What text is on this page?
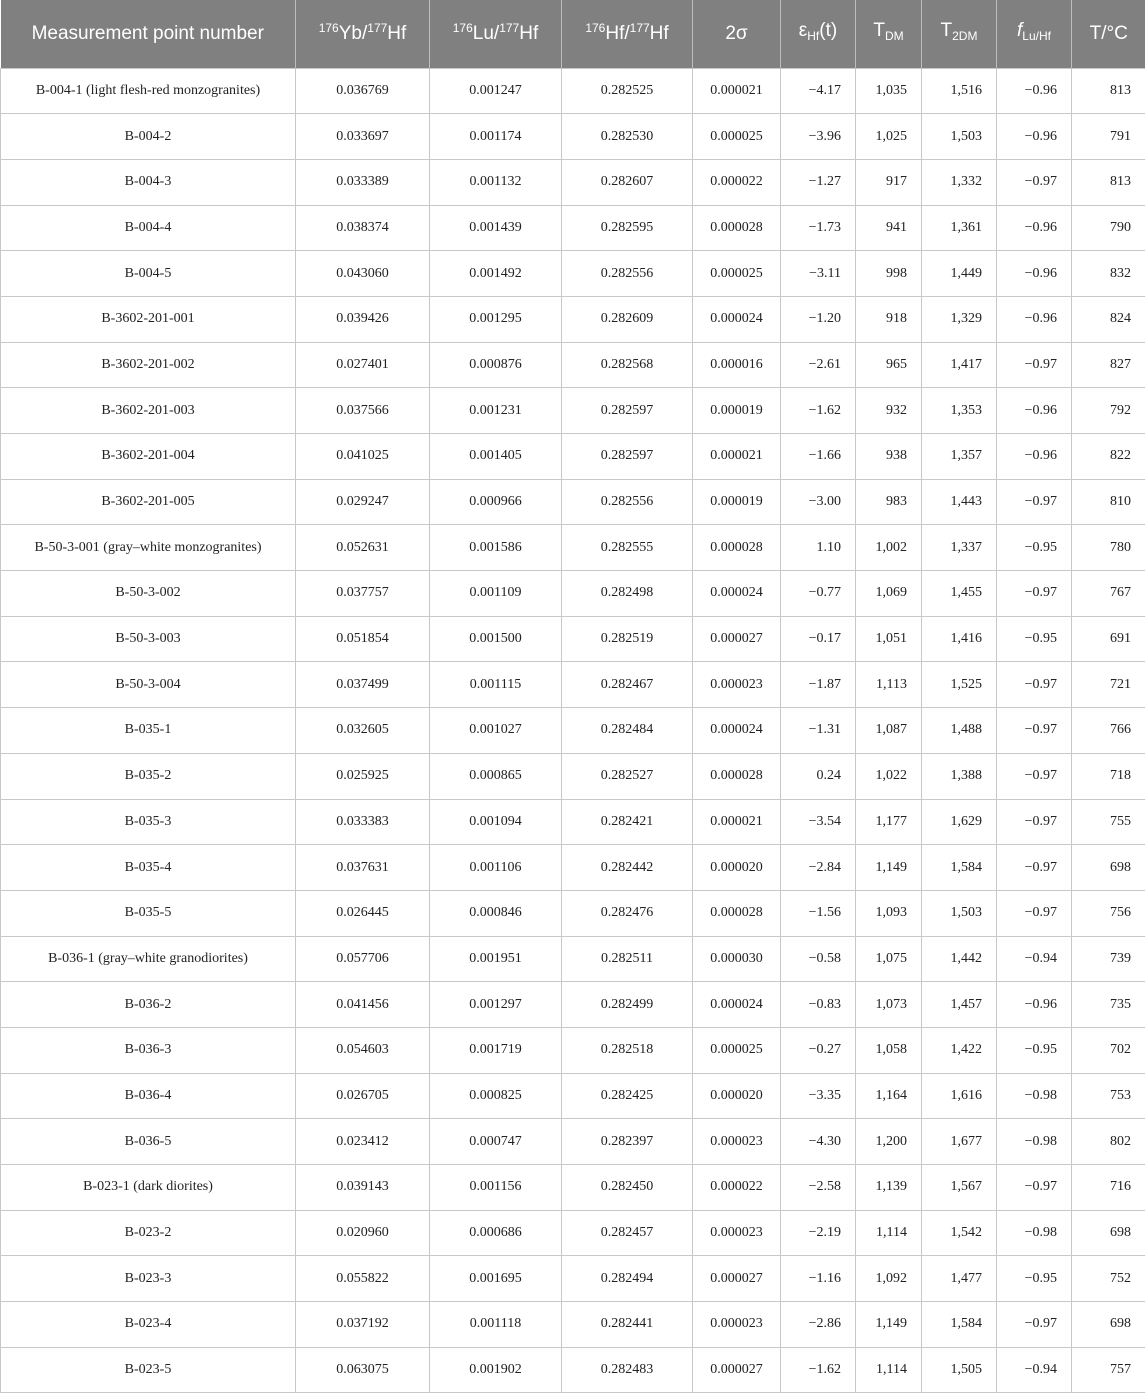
Measurement point number	$^{176}$Yb/$^{177}$Hf	$^{176}$Lu/$^{177}$Hf	$^{176}$Hf/$^{177}$Hf	2σ	$\varepsilon_{Hf}(t)$	$T_{DM}$	$T_{2DM}$	$f_{Lu/Hf}$	T/°C
B-004-1 (light flesh-red monzogranites)	0.036769	0.001247	0.282525	0.000021	−4.17	1,035	1,516	−0.96	813
B-004-2	0.033697	0.001174	0.282530	0.000025	−3.96	1,025	1,503	−0.96	791
B-004-3	0.033389	0.001132	0.282607	0.000022	−1.27	917	1,332	−0.97	813
B-004-4	0.038374	0.001439	0.282595	0.000028	−1.73	941	1,361	−0.96	790
B-004-5	0.043060	0.001492	0.282556	0.000025	−3.11	998	1,449	−0.96	832
B-3602-201-001	0.039426	0.001295	0.282609	0.000024	−1.20	918	1,329	−0.96	824
B-3602-201-002	0.027401	0.000876	0.282568	0.000016	−2.61	965	1,417	−0.97	827
B-3602-201-003	0.037566	0.001231	0.282597	0.000019	−1.62	932	1,353	−0.96	792
B-3602-201-004	0.041025	0.001405	0.282597	0.000021	−1.66	938	1,357	−0.96	822
B-3602-201-005	0.029247	0.000966	0.282556	0.000019	−3.00	983	1,443	−0.97	810
B-50-3-001 (gray–white monzogranites)	0.052631	0.001586	0.282555	0.000028	1.10	1,002	1,337	−0.95	780
B-50-3-002	0.037757	0.001109	0.282498	0.000024	−0.77	1,069	1,455	−0.97	767
B-50-3-003	0.051854	0.001500	0.282519	0.000027	−0.17	1,051	1,416	−0.95	691
B-50-3-004	0.037499	0.001115	0.282467	0.000023	−1.87	1,113	1,525	−0.97	721
B-035-1	0.032605	0.001027	0.282484	0.000024	−1.31	1,087	1,488	−0.97	766
B-035-2	0.025925	0.000865	0.282527	0.000028	0.24	1,022	1,388	−0.97	718
B-035-3	0.033383	0.001094	0.282421	0.000021	−3.54	1,177	1,629	−0.97	755
B-035-4	0.037631	0.001106	0.282442	0.000020	−2.84	1,149	1,584	−0.97	698
B-035-5	0.026445	0.000846	0.282476	0.000028	−1.56	1,093	1,503	−0.97	756
B-036-1 (gray–white granodiorites)	0.057706	0.001951	0.282511	0.000030	−0.58	1,075	1,442	−0.94	739
B-036-2	0.041456	0.001297	0.282499	0.000024	−0.83	1,073	1,457	−0.96	735
B-036-3	0.054603	0.001719	0.282518	0.000025	−0.27	1,058	1,422	−0.95	702
B-036-4	0.026705	0.000825	0.282425	0.000020	−3.35	1,164	1,616	−0.98	753
B-036-5	0.023412	0.000747	0.282397	0.000023	−4.30	1,200	1,677	−0.98	802
B-023-1 (dark diorites)	0.039143	0.001156	0.282450	0.000022	−2.58	1,139	1,567	−0.97	716
B-023-2	0.020960	0.000686	0.282457	0.000023	−2.19	1,114	1,542	−0.98	698
B-023-3	0.055822	0.001695	0.282494	0.000027	−1.16	1,092	1,477	−0.95	752
B-023-4	0.037192	0.001118	0.282441	0.000023	−2.86	1,149	1,584	−0.97	698
B-023-5	0.063075	0.001902	0.282483	0.000027	−1.62	1,114	1,505	−0.94	757
